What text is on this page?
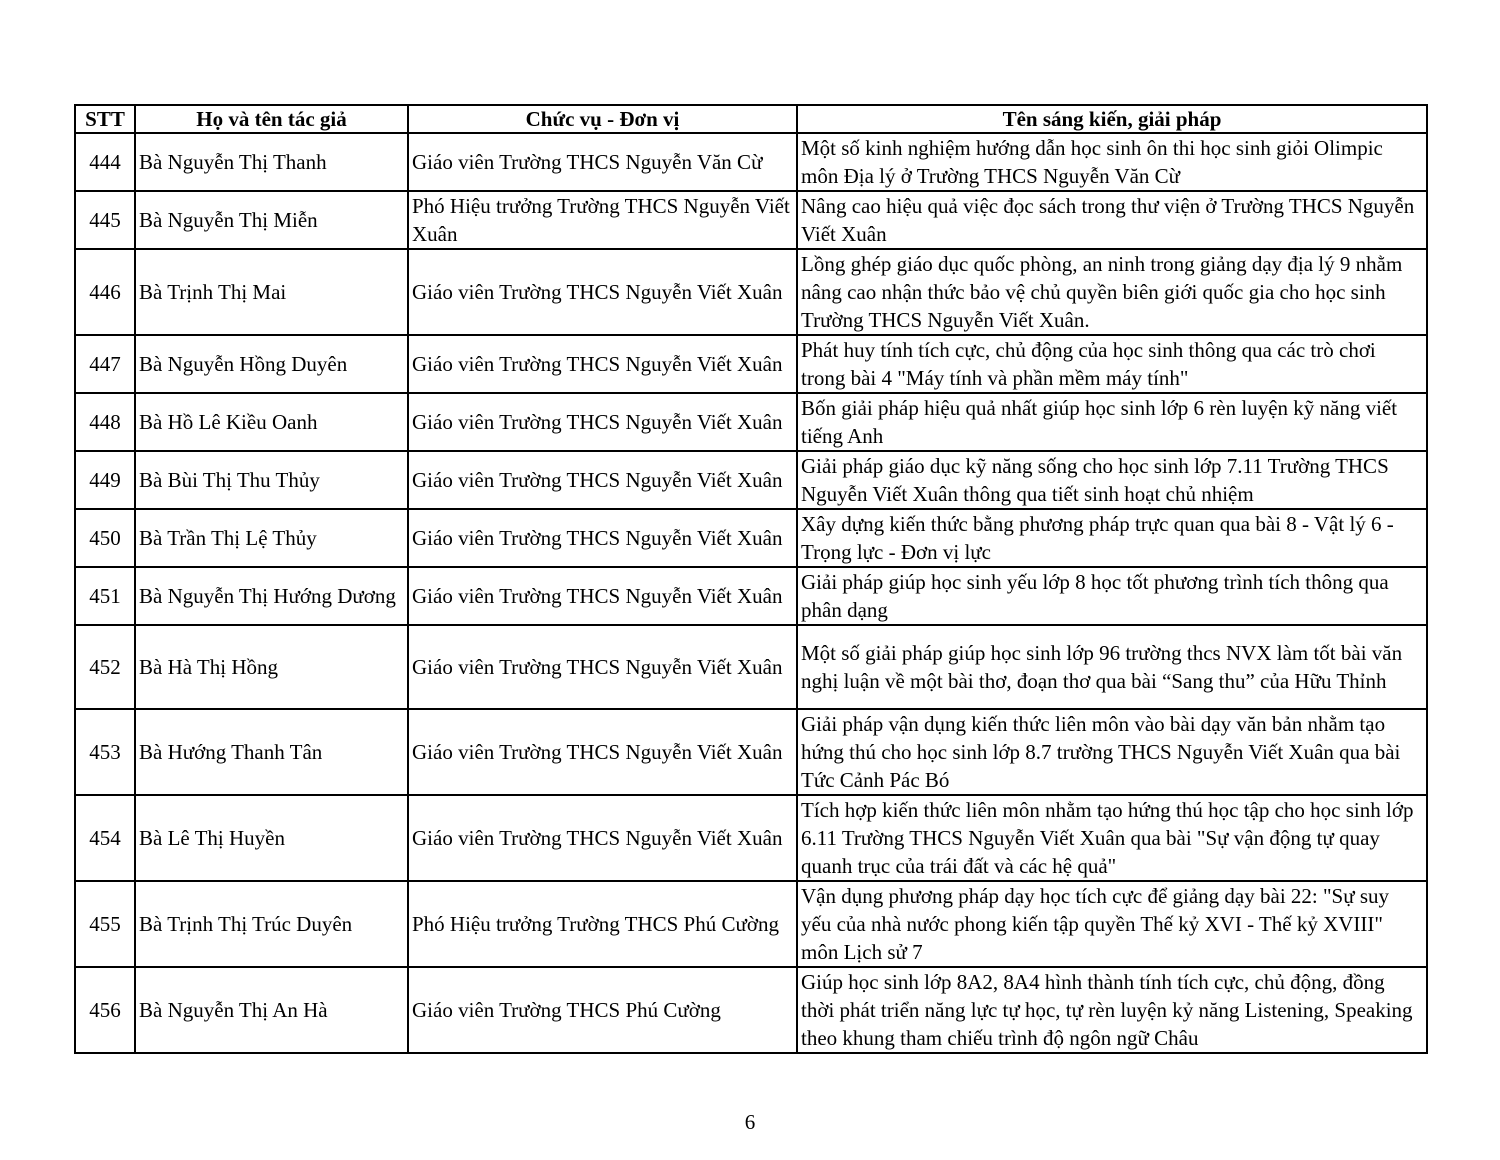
STT	Họ và tên tác giả	Chức vụ - Đơn vị	Tên sáng kiến, giải pháp
444	Bà Nguyễn Thị Thanh	Giáo viên Trường THCS Nguyễn Văn Cừ	Một số kinh nghiệm hướng dẫn học sinh ôn thi học sinh giỏi Olimpic môn Địa lý ở Trường THCS Nguyễn Văn Cừ
445	Bà Nguyễn Thị Miễn	Phó Hiệu trưởng Trường THCS Nguyễn Viết Xuân	Nâng cao hiệu quả việc đọc sách trong thư viện ở Trường THCS Nguyễn Viết Xuân
446	Bà Trịnh Thị Mai	Giáo viên Trường THCS Nguyễn Viết Xuân	Lồng ghép giáo dục quốc phòng, an ninh trong giảng dạy địa lý 9 nhằm nâng cao nhận thức bảo vệ chủ quyền biên giới quốc gia cho học sinh Trường THCS Nguyễn Viết Xuân.
447	Bà Nguyễn Hồng Duyên	Giáo viên Trường THCS Nguyễn Viết Xuân	Phát huy tính tích cực, chủ động của học sinh thông qua các trò chơi trong bài 4 "Máy tính và phần mềm máy tính"
448	Bà Hồ Lê Kiều Oanh	Giáo viên Trường THCS Nguyễn Viết Xuân	Bốn giải pháp hiệu quả nhất giúp học sinh lớp 6 rèn luyện kỹ năng viết tiếng Anh
449	Bà Bùi Thị Thu Thủy	Giáo viên Trường THCS Nguyễn Viết Xuân	Giải pháp giáo dục kỹ năng sống cho học sinh lớp 7.11 Trường THCS Nguyễn Viết Xuân thông qua tiết sinh hoạt chủ nhiệm
450	Bà Trần Thị Lệ Thủy	Giáo viên Trường THCS Nguyễn Viết Xuân	Xây dựng kiến thức bằng phương pháp trực quan qua bài 8 - Vật lý 6 - Trọng lực - Đơn vị lực
451	Bà Nguyễn Thị Hướng Dương	Giáo viên Trường THCS Nguyễn Viết Xuân	Giải pháp giúp học sinh yếu lớp 8 học tốt phương trình tích thông qua phân dạng
452	Bà Hà Thị Hồng	Giáo viên Trường THCS Nguyễn Viết Xuân	Một số giải pháp giúp học sinh lớp 96 trường thcs NVX làm tốt bài văn nghị luận về một bài thơ, đoạn thơ qua bài “Sang thu” của Hữu Thỉnh
453	Bà Hướng Thanh Tân	Giáo viên Trường THCS Nguyễn Viết Xuân	Giải pháp vận dụng kiến thức liên môn vào bài dạy văn bản nhằm tạo hứng thú cho học sinh lớp 8.7 trường THCS Nguyễn Viết Xuân qua bài Tức Cảnh Pác Bó
454	Bà Lê Thị Huyền	Giáo viên Trường THCS Nguyễn Viết Xuân	Tích hợp kiến thức liên môn nhằm tạo hứng thú học tập cho học sinh lớp 6.11 Trường THCS Nguyễn Viết Xuân qua bài "Sự vận động tự quay quanh trục của trái đất và các hệ quả"
455	Bà Trịnh Thị Trúc Duyên	Phó Hiệu trưởng Trường THCS Phú Cường	Vận dụng phương pháp dạy học tích cực để giảng dạy bài 22: "Sự suy yếu của nhà nước phong kiến tập quyền Thế kỷ XVI - Thế kỷ XVIII" môn Lịch sử 7
456	Bà Nguyễn Thị An Hà	Giáo viên Trường THCS Phú Cường	Giúp học sinh lớp 8A2, 8A4 hình thành tính tích cực, chủ động, đồng thời phát triển năng lực tự học, tự rèn luyện kỷ năng Listening, Speaking theo khung tham chiếu trình độ ngôn ngữ Châu
6
